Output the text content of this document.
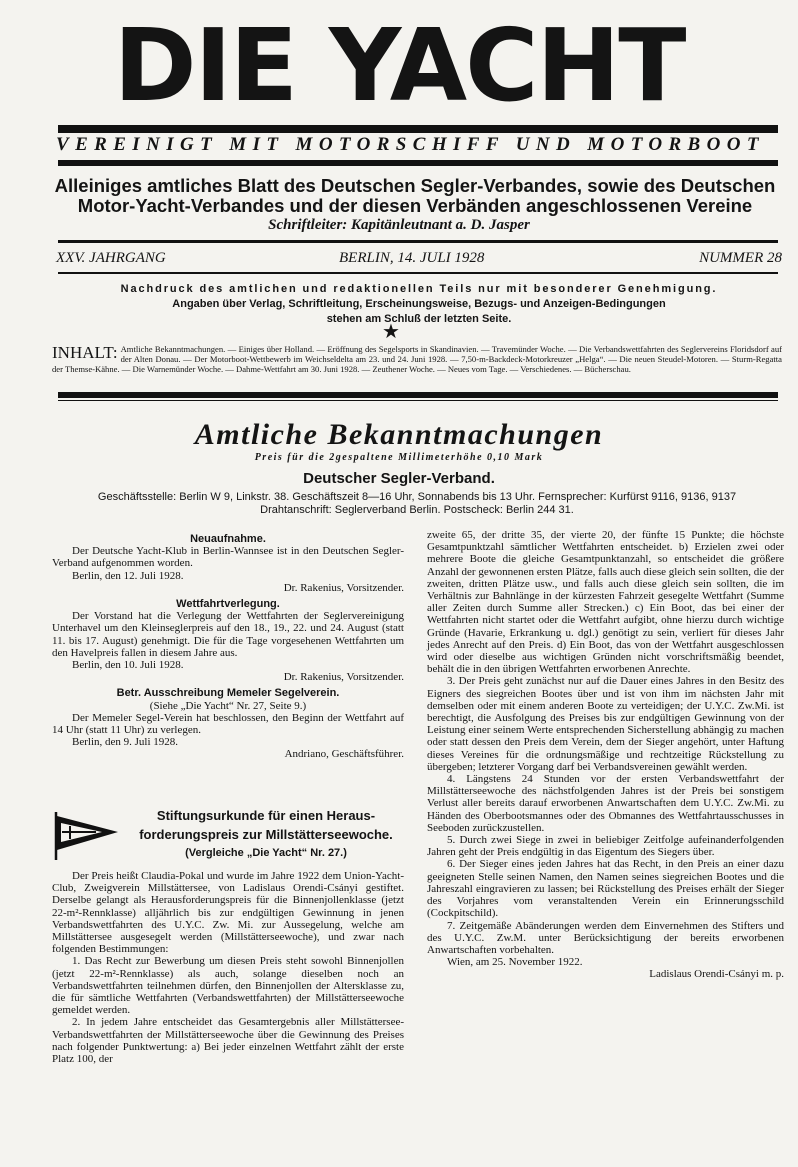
DIE YACHT
VEREINIGT MIT MOTORSCHIFF UND MOTORBOOT
Alleiniges amtliches Blatt des Deutschen Segler-Verbandes, sowie des Deutschen
Motor-Yacht-Verbandes und der diesen Verbänden angeschlossenen Vereine
Schriftleiter: Kapitänleutnant a. D. Jasper
XXV. JAHRGANG	BERLIN, 14. JULI 1928	NUMMER 28
Nachdruck des amtlichen und redaktionellen Teils nur mit besonderer Genehmigung.
Angaben über Verlag, Schriftleitung, Erscheinungsweise, Bezugs- und Anzeigen-Bedingungen
stehen am Schluß der letzten Seite.
★
INHALT: Amtliche Bekanntmachungen. — Einiges über Holland. — Eröffnung des Segelsports in Skandinavien. — Travemünder Woche. — Die Verbandswettfahrten des Seglervereins Floridsdorf auf der Alten Donau. — Der Motorboot-Wettbewerb im Weichseldelta am 23. und 24. Juni 1928. — 7,50-m-Backdeck-Motorkreuzer „Helga“. — Die neuen Steudel-Motoren. — Sturm-Regatta der Themse-Kähne. — Die Warnemünder Woche. — Dahme-Wettfahrt am 30. Juni 1928. — Zeuthener Woche. — Neues vom Tage. — Verschiedenes. — Bücherschau.
Amtliche Bekanntmachungen
Preis für die 2gespaltene Millimeterhöhe 0,10 Mark
Deutscher Segler-Verband.
Geschäftsstelle: Berlin W 9, Linkstr. 38. Geschäftszeit 8—16 Uhr, Sonnabends bis 13 Uhr. Fernsprecher: Kurfürst 9116, 9136, 9137
Drahtanschrift: Seglerverband Berlin. Postscheck: Berlin 244 31.
Neuaufnahme.

Der Deutsche Yacht-Klub in Berlin-Wannsee ist in den Deutschen Segler-Verband aufgenommen worden.

Berlin, den 12. Juli 1928.

Dr. Rakenius, Vorsitzender.

Wettfahrtverlegung.

Der Vorstand hat die Verlegung der Wettfahrten der Seglervereinigung Unterhavel um den Kleinseglerpreis auf den 18., 19., 22. und 24. August (statt 11. bis 17. August) genehmigt. Die für die Tage vorgesehenen Wettfahrten um den Havelpreis fallen in diesem Jahre aus.

Berlin, den 10. Juli 1928.

Dr. Rakenius, Vorsitzender.

Betr. Ausschreibung Memeler Segelverein.

(Siehe „Die Yacht“ Nr. 27, Seite 9.)

Der Memeler Segel-Verein hat beschlossen, den Beginn der Wettfahrt auf 14 Uhr (statt 11 Uhr) zu verlegen.

Berlin, den 9. Juli 1928.

Andriano, Geschäftsführer.

Stiftungsurkunde für einen Heraus-
forderungspreis zur Millstätterseewoche.
(Vergleiche „Die Yacht“ Nr. 27.)

Der Preis heißt Claudia-Pokal und wurde im Jahre 1922 dem Union-Yacht-Club, Zweigverein Millstättersee, von Ladislaus Orendi-Csányi gestiftet. Derselbe gelangt als Herausforderungspreis für die Binnenjollenklasse (jetzt 22-m²-Rennklasse) alljährlich bis zur endgültigen Gewinnung in jenen Verbandswettfahrten des U.Y.C. Zw. Mi. zur Aussegelung, welche am Millstättersee ausgesegelt werden (Millstätterseewoche), und zwar nach folgenden Bestimmungen:

1. Das Recht zur Bewerbung um diesen Preis steht sowohl Binnenjollen (jetzt 22-m²-Rennklasse) als auch, solange dieselben noch an Verbandswettfahrten teilnehmen dürfen, den Binnenjollen der Altersklasse zu, die für sämtliche Wettfahrten (Verbandswettfahrten) der Millstätterseewoche gemeldet werden.

2. In jedem Jahre entscheidet das Gesamtergebnis aller Millstättersee-Verbandswettfahrten der Millstätterseewoche über die Gewinnung des Preises nach folgender Punktwertung: a) Bei jeder einzelnen Wettfahrt zählt der erste Platz 100, der

zweite 65, der dritte 35, der vierte 20, der fünfte 15 Punkte; die höchste Gesamtpunktzahl sämtlicher Wettfahrten entscheidet. b) Erzielen zwei oder mehrere Boote die gleiche Gesamtpunktanzahl, so entscheidet die größere Anzahl der gewonnenen ersten Plätze, falls auch diese gleich sein sollten, die der zweiten, dritten Plätze usw., und falls auch diese gleich sein sollten, die im Verhältnis zur Bahnlänge in der kürzesten Fahrzeit gesegelte Wettfahrt (Summe aller Zeiten durch Summe aller Strecken.) c) Ein Boot, das bei einer der Wettfahrten nicht startet oder die Wettfahrt aufgibt, ohne hierzu durch wichtige Gründe (Havarie, Erkrankung u. dgl.) genötigt zu sein, verliert für dieses Jahr jedes Anrecht auf den Preis. d) Ein Boot, das von der Wettfahrt ausgeschlossen wird oder dieselbe aus wichtigen Gründen nicht vorschriftsmäßig beendet, behält die in den übrigen Wettfahrten erworbenen Anrechte.

3. Der Preis geht zunächst nur auf die Dauer eines Jahres in den Besitz des Eigners des siegreichen Bootes über und ist von ihm im nächsten Jahr mit demselben oder mit einem anderen Boote zu verteidigen; der U.Y.C. Zw.Mi. ist berechtigt, die Ausfolgung des Preises bis zur endgültigen Gewinnung von der Leistung einer seinem Werte entsprechenden Sicherstellung abhängig zu machen oder statt dessen den Preis dem Verein, dem der Sieger angehört, unter Haftung dieses Vereines für die ordnungsmäßige und rechtzeitige Rückstellung zu übergeben; letzterer Vorgang darf bei Verbandsvereinen gewählt werden.

4. Längstens 24 Stunden vor der ersten Verbandswettfahrt der Millstätterseewoche des nächstfolgenden Jahres ist der Preis bei sonstigem Verlust aller bereits darauf erworbenen Anwartschaften dem U.Y.C. Zw.Mi. zu Händen des Oberbootsmannes oder des Obmannes des Wettfahrtausschusses in Seeboden zurückzustellen.

5. Durch zwei Siege in zwei in beliebiger Zeitfolge aufeinanderfolgenden Jahren geht der Preis endgültig in das Eigentum des Siegers über.

6. Der Sieger eines jeden Jahres hat das Recht, in den Preis an einer dazu geeigneten Stelle seinen Namen, den Namen seines siegreichen Bootes und die Jahreszahl eingravieren zu lassen; bei Rückstellung des Preises erhält der Sieger des Vorjahres vom veranstaltenden Verein ein Erinnerungsschild (Cockpitschild).

7. Zeitgemäße Abänderungen werden dem Einvernehmen des Stifters und des U.Y.C. Zw.M. unter Berücksichtigung der bereits erworbenen Anwartschaften vorbehalten.

Wien, am 25. November 1922.

Ladislaus Orendi-Csányi m. p.
